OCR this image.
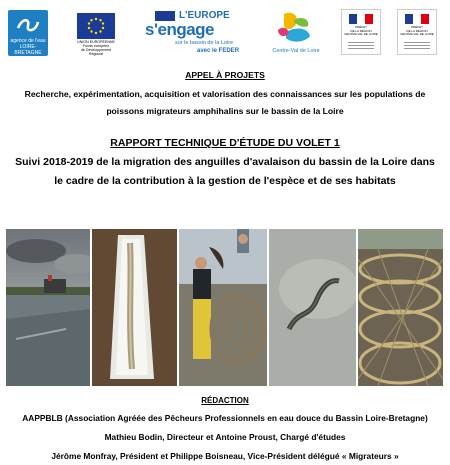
agence de l'eau
LOIRE-BRETAGNE
UNION EUROPÉENNE
Fonds européen
de Développement Régional
L'EUROPE
s'engage
sur le bassin de la Loire
avec le FEDER	Centre-Val de Loire
PRÉFET
DE LA RÉGION
CENTRE-VAL DE LOIRE
PRÉFET
DE LA RÉGION
CENTRE-VAL DE LOIRE
APPEL À PROJETS
Recherche, expérimentation, acquisition et valorisation des connaissances sur les populations de
poissons migrateurs amphihalins sur le bassin de la Loire
RAPPORT TECHNIQUE D'ÉTUDE DU VOLET 1
Suivi 2018-2019 de la migration des anguilles d'avalaison du bassin de la Loire dans
le cadre de la contribution à la gestion de l'espèce et de ses habitats
RÉDACTION
AAPPBLB (Association Agréée des Pêcheurs Professionnels en eau douce du Bassin Loire-Bretagne)
Mathieu Bodin, Directeur et Antoine Proust, Chargé d'études
Jérôme Monfray, Président et Philippe Boisneau, Vice-Président délégué « Migrateurs »
